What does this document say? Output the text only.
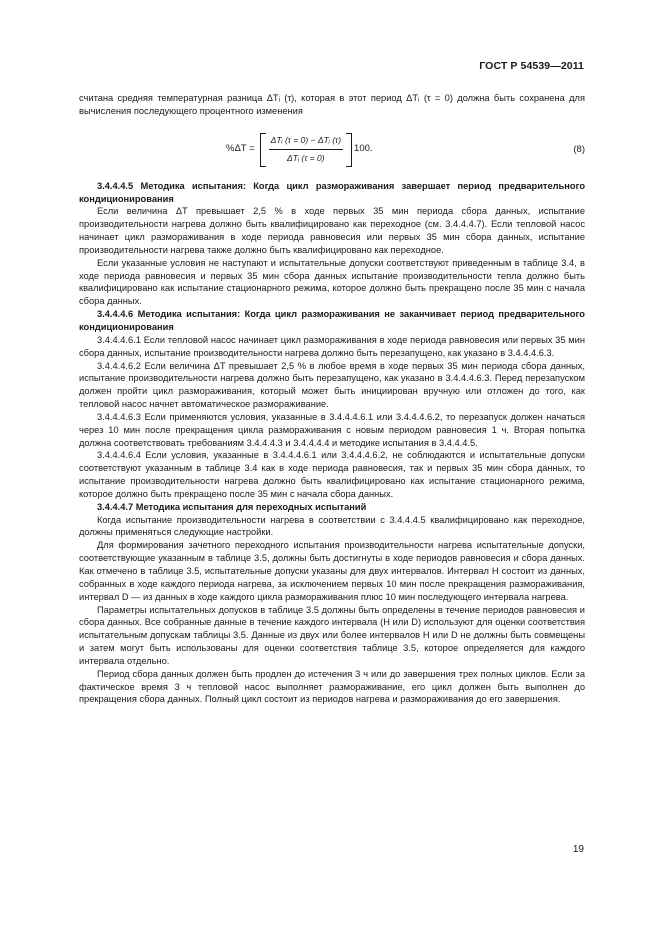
ГОСТ Р 54539—2011

считана средняя температурная разница ΔTᵢ (τ), которая в этот период ΔTᵢ (τ = 0) должна быть сохранена для вычисления последующего процентного изменения

$\%\Delta T = \frac{\text{ΔTᵢ (τ = 0) − ΔTᵢ (τ)}}{\text{ΔTᵢ (τ = 0)}} 100$.	(8)

3.4.4.4.5 Методика испытания: Когда цикл размораживания завершает период предварительного кондиционирования

Если величина ΔT превышает 2,5 % в ходе первых 35 мин периода сбора данных, испытание производительности нагрева должно быть квалифицировано как переходное (см. 3.4.4.4.7). Если тепловой насос начинает цикл размораживания в ходе периода равновесия или первых 35 мин сбора данных, испытание производительности нагрева также должно быть квалифицировано как переходное.

Если указанные условия не наступают и испытательные допуски соответствуют приведенным в таблице 3.4, в ходе периода равновесия и первых 35 мин сбора данных испытание производительности тепла должно быть квалифицировано как испытание стационарного режима, которое должно быть прекращено после 35 мин с начала сбора данных.

3.4.4.4.6 Методика испытания: Когда цикл размораживания не заканчивает период предварительного кондиционирования

3.4.4.4.6.1 Если тепловой насос начинает цикл размораживания в ходе периода равновесия или первых 35 мин сбора данных, испытание производительности нагрева должно быть перезапущено, как указано в 3.4.4.4.6.3.

3.4.4.4.6.2 Если величина ΔT превышает 2,5 % в любое время в ходе первых 35 мин периода сбора данных, испытание производительности нагрева должно быть перезапущено, как указано в 3.4.4.4.6.3. Перед перезапуском должен пройти цикл размораживания, который может быть инициирован вручную или отложен до того, как тепловой насос начнет автоматическое размораживание.

3.4.4.4.6.3 Если применяются условия, указанные в 3.4.4.4.6.1 или 3.4.4.4.6.2, то перезапуск должен начаться через 10 мин после прекращения цикла размораживания с новым периодом равновесия 1 ч. Вторая попытка должна соответствовать требованиям 3.4.4.4.3 и 3.4.4.4.4 и методике испытания в 3.4.4.4.5.

3.4.4.4.6.4 Если условия, указанные в 3.4.4.4.6.1 или 3.4.4.4.6.2, не соблюдаются и испытательные допуски соответствуют указанным в таблице 3.4 как в ходе периода равновесия, так и первых 35 мин сбора данных, то испытание производительности нагрева должно быть квалифицировано как испытание стационарного режима, которое должно быть прекращено после 35 мин с начала сбора данных.

3.4.4.4.7 Методика испытания для переходных испытаний

Когда испытание производительности нагрева в соответствии с 3.4.4.4.5 квалифицировано как переходное, должны применяться следующие настройки.

Для формирования зачетного переходного испытания производительности нагрева испытательные допуски, соответствующие указанным в таблице 3.5, должны быть достигнуты в ходе периодов равновесия и сбора данных. Как отмечено в таблице 3.5, испытательные допуски указаны для двух интервалов. Интервал H состоит из данных, собранных в ходе каждого периода нагрева, за исключением первых 10 мин после прекращения размораживания, интервал D — из данных в ходе каждого цикла размораживания плюс 10 мин последующего интервала нагрева.

Параметры испытательных допусков в таблице 3.5 должны быть определены в течение периодов равновесия и сбора данных. Все собранные данные в течение каждого интервала (H или D) используют для оценки соответствия испытательным допускам таблицы 3.5. Данные из двух или более интервалов H или D не должны быть совмещены и затем могут быть использованы для оценки соответствия таблице 3.5, которое определяется для каждого интервала отдельно.

Период сбора данных должен быть продлен до истечения 3 ч или до завершения трех полных циклов. Если за фактическое время 3 ч тепловой насос выполняет размораживание, его цикл должен быть выполнен до прекращения сбора данных. Полный цикл состоит из периодов нагрева и размораживания до его завершения.

19
